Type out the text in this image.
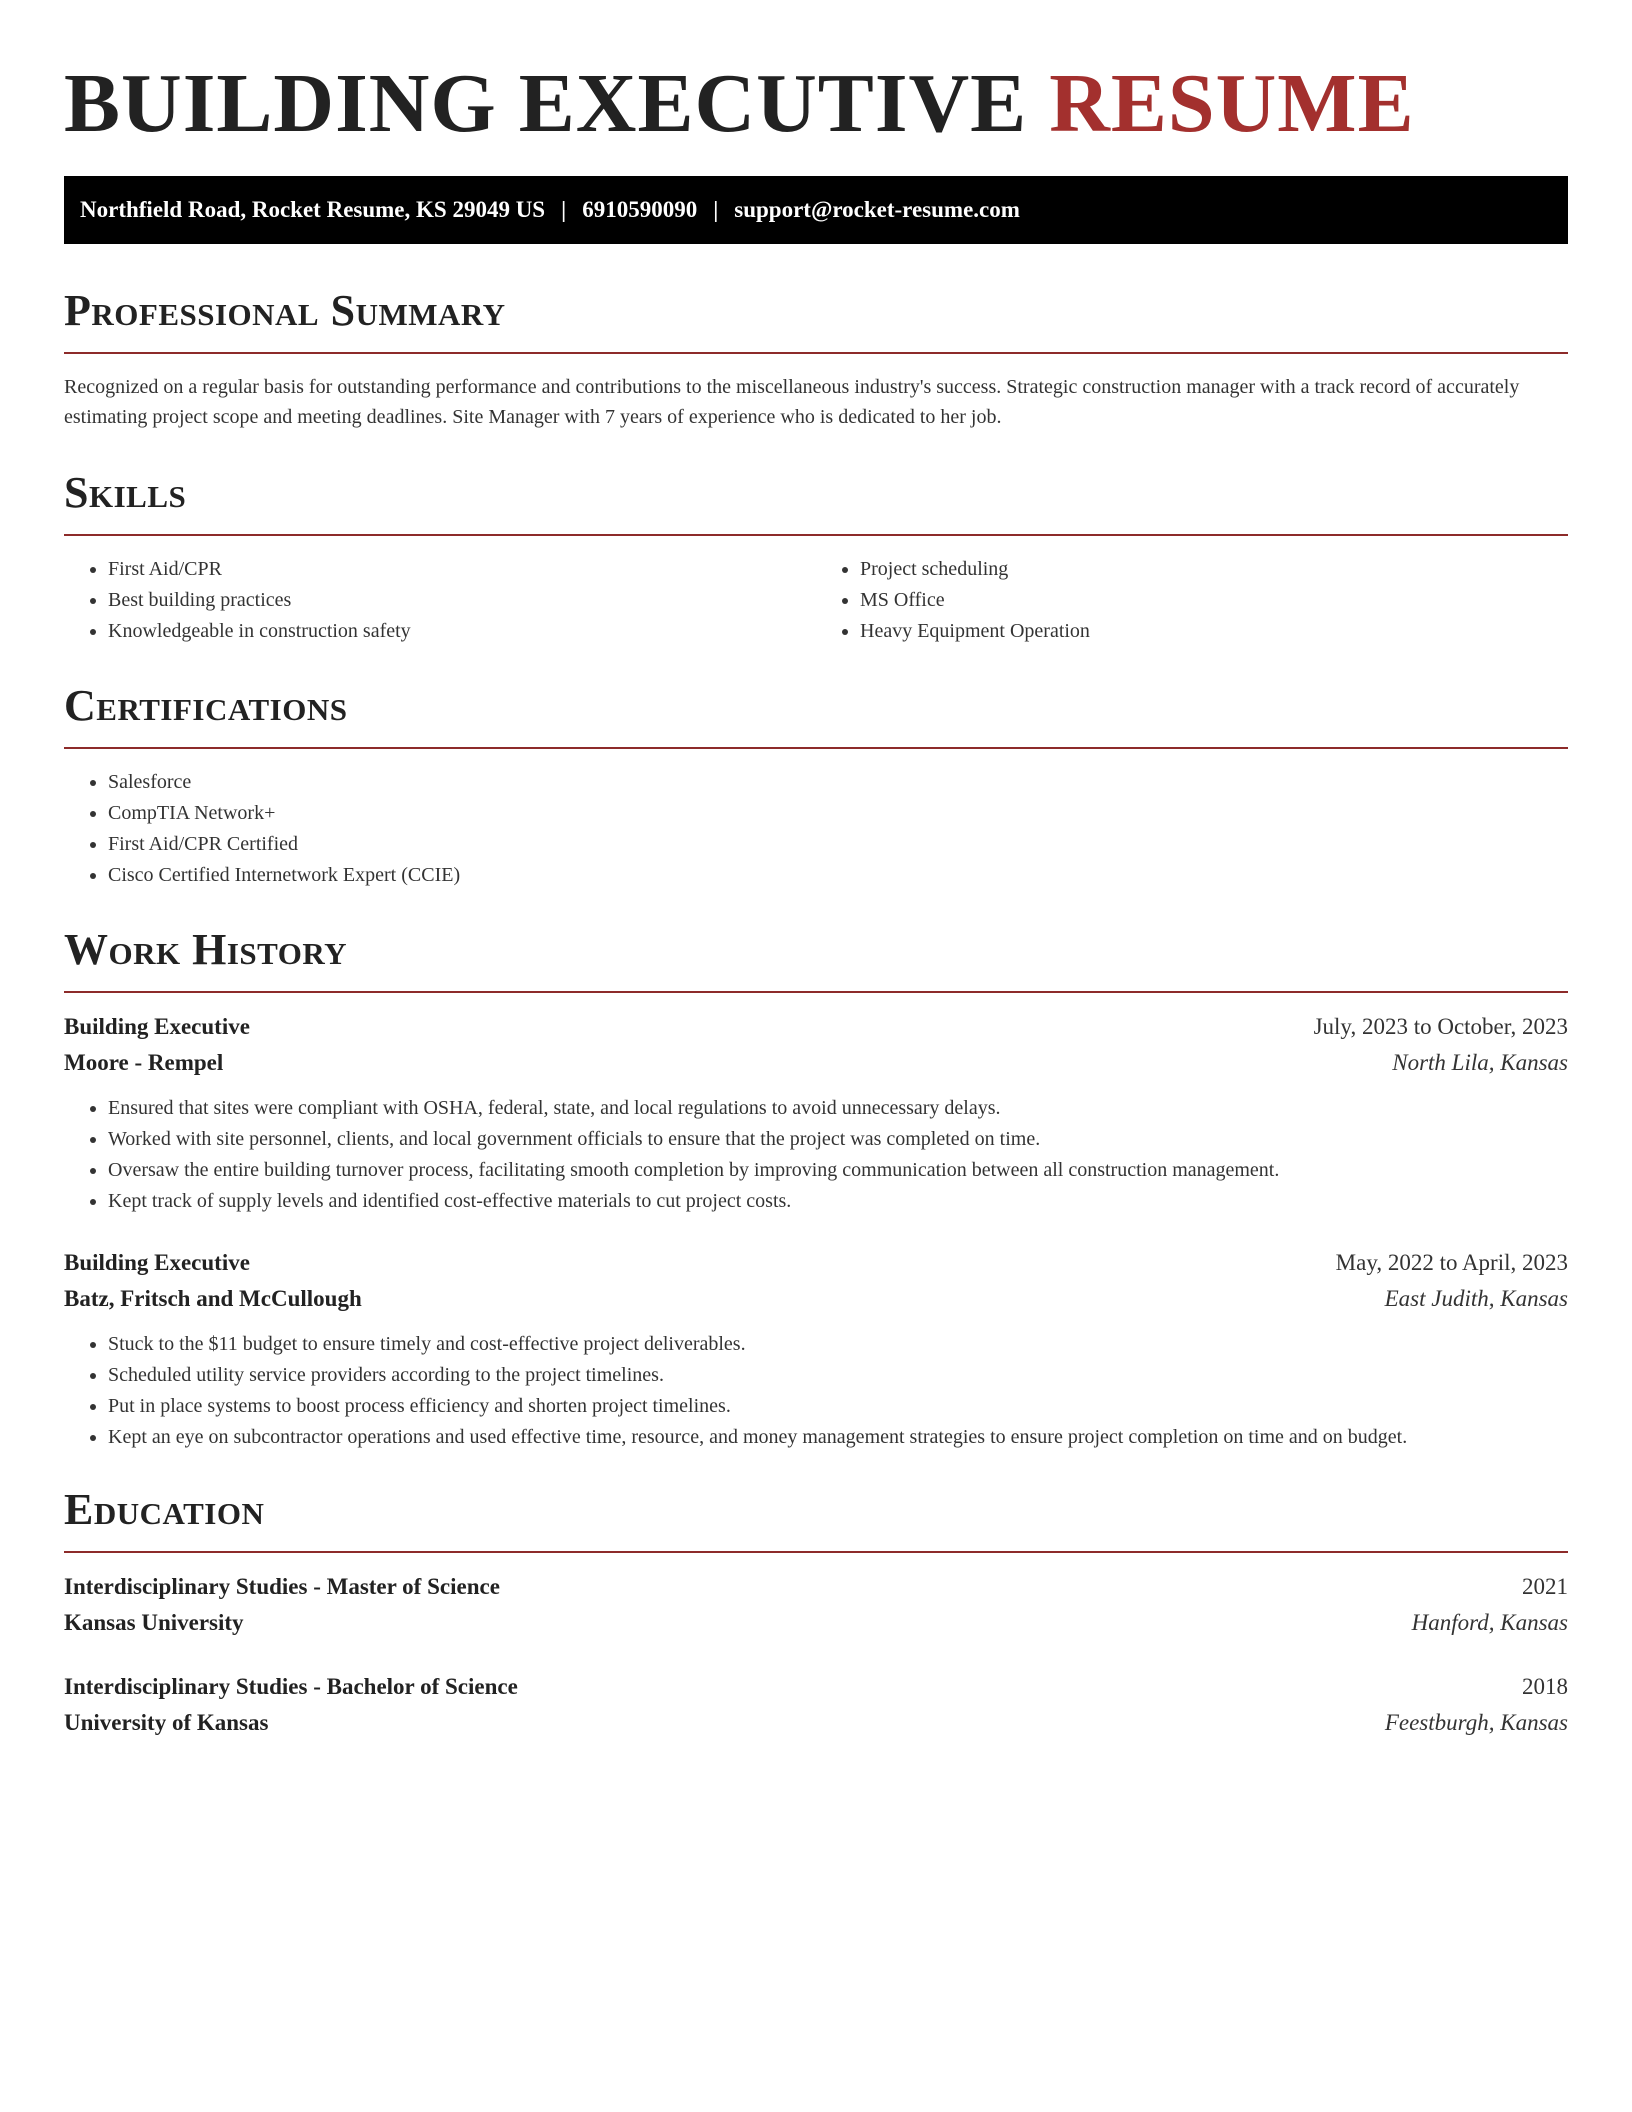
BUILDING EXECUTIVE RESUME
Northfield Road, Rocket Resume, KS 29049 US | 6910590090 | support@rocket-resume.com
Professional Summary

Recognized on a regular basis for outstanding performance and contributions to the miscellaneous industry's success. Strategic construction manager with a track record of accurately estimating project scope and meeting deadlines. Site Manager with 7 years of experience who is dedicated to her job.

Skills
• First Aid/CPR
• Best building practices
• Knowledgeable in construction safety
• Project scheduling
• MS Office
• Heavy Equipment Operation
Certifications
• Salesforce
• CompTIA Network+
• First Aid/CPR Certified
• Cisco Certified Internetwork Expert (CCIE)
Work History
Building Executive	July, 2023 to October, 2023
Moore - Rempel	North Lila, Kansas
• Ensured that sites were compliant with OSHA, federal, state, and local regulations to avoid unnecessary delays.
• Worked with site personnel, clients, and local government officials to ensure that the project was completed on time.
• Oversaw the entire building turnover process, facilitating smooth completion by improving communication between all construction management.
• Kept track of supply levels and identified cost-effective materials to cut project costs.
Building Executive	May, 2022 to April, 2023
Batz, Fritsch and McCullough	East Judith, Kansas
• Stuck to the $11 budget to ensure timely and cost-effective project deliverables.
• Scheduled utility service providers according to the project timelines.
• Put in place systems to boost process efficiency and shorten project timelines.
• Kept an eye on subcontractor operations and used effective time, resource, and money management strategies to ensure project completion on time and on budget.
Education
Interdisciplinary Studies - Master of Science	2021
Kansas University	Hanford, Kansas
Interdisciplinary Studies - Bachelor of Science	2018
University of Kansas	Feestburgh, Kansas
